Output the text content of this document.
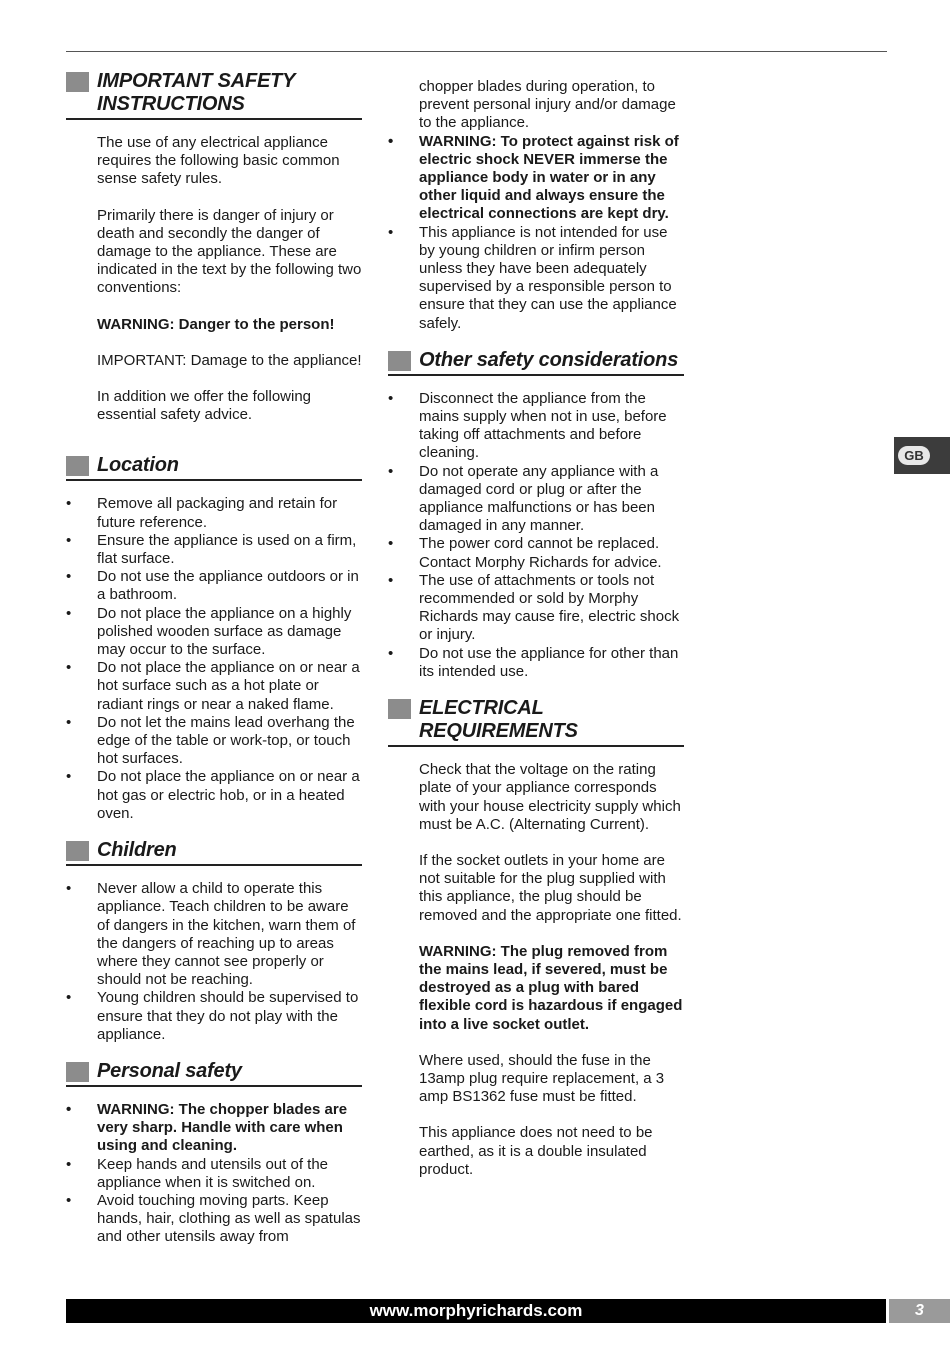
IMPORTANT SAFETY INSTRUCTIONS

The use of any electrical appliance requires the following basic common sense safety rules.

Primarily there is danger of injury or death and secondly the danger of damage to the appliance. These are indicated in the text by the following two conventions:

WARNING: Danger to the person!

IMPORTANT: Damage to the appliance!

In addition we offer the following essential safety advice.

Location
• Remove all packaging and retain for future reference.
• Ensure the appliance is used on a firm, flat surface.
• Do not use the appliance outdoors or in a bathroom.
• Do not place the appliance on a highly polished wooden surface as damage may occur to the surface.
• Do not place the appliance on or near a hot surface such as a hot plate or radiant rings or near a naked flame.
• Do not let the mains lead overhang the edge of the table or work-top, or touch hot surfaces.
• Do not place the appliance on or near a hot gas or electric hob, or in a heated oven.
Children
• Never allow a child to operate this appliance. Teach children to be aware of dangers in the kitchen, warn them of the dangers of reaching up to areas where they cannot see properly or should not be reaching.
• Young children should be supervised to ensure that they do not play with the appliance.
Personal safety
• WARNING: The chopper blades are very sharp. Handle with care when using and cleaning.
• Keep hands and utensils out of the appliance when it is switched on.
• Avoid touching moving parts. Keep hands, hair, clothing as well as spatulas and other utensils away from

chopper blades during operation, to prevent personal injury and/or damage to the appliance.

• WARNING: To protect against risk of electric shock NEVER immerse the appliance body in water or in any other liquid and always ensure the electrical connections are kept dry.
• This appliance is not intended for use by young children or infirm person unless they have been adequately supervised by a responsible person to ensure that they can use the appliance safely.
Other safety considerations
• Disconnect the appliance from the mains supply when not in use, before taking off attachments and before cleaning.
• Do not operate any appliance with a damaged cord or plug or after the appliance malfunctions or has been damaged in any manner.
• The power cord cannot be replaced. Contact Morphy Richards for advice.
• The use of attachments or tools not recommended or sold by Morphy Richards may cause fire, electric shock or injury.
• Do not use the appliance for other than its intended use.
ELECTRICAL REQUIREMENTS

Check that the voltage on the rating plate of your appliance corresponds with your house electricity supply which must be A.C. (Alternating Current).

If the socket outlets in your home are not suitable for the plug supplied with this appliance, the plug should be removed and the appropriate one fitted.

WARNING: The plug removed from the mains lead, if severed, must be destroyed as a plug with bared flexible cord is hazardous if engaged into a live socket outlet.

Where used, should the fuse in the 13amp plug require replacement, a 3 amp BS1362 fuse must be fitted.

This appliance does not need to be earthed, as it is a double insulated product.

GB
www.morphyrichards.com	3
